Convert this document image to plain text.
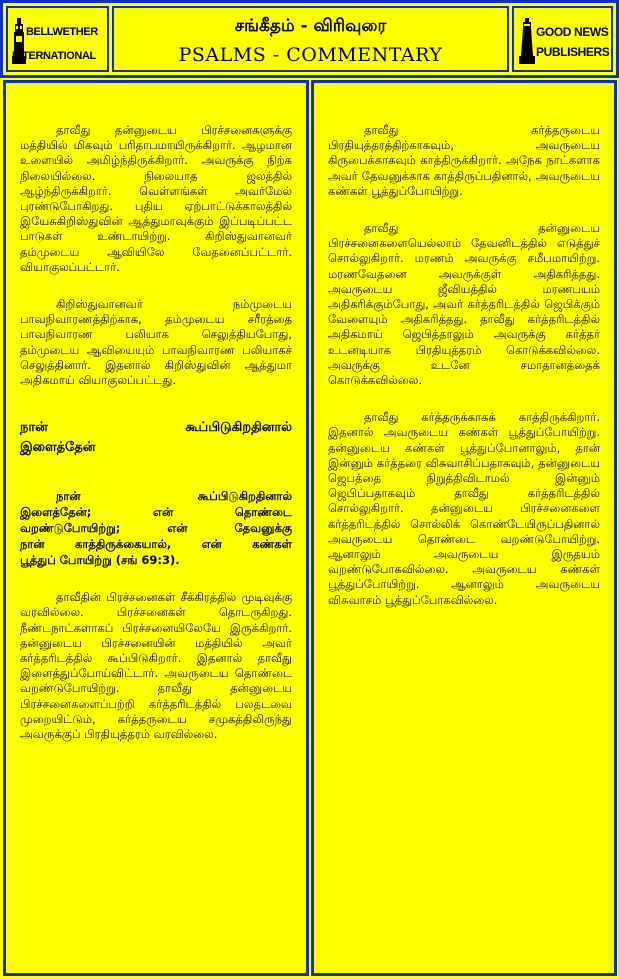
BELLWETHER
INTERNATIONAL
சங்கீதம் - விரிவுரை
PSALMS - COMMENTARY
GOOD NEWS
PUBLISHERS

தாவீது தன்னுடைய பிரச்சனைகளுக்கு மத்தியில் மிகவும் பரிதாபமாயிருக்கிறார். ஆழமான உளையில் அமிழ்ந்திருக்கிறார். அவருக்கு நிற்க நிலையில்லை. நிலையாத ஜலத்தில் ஆழ்ந்திருக்கிறார். வெள்ளங்கள் அவர்மேல் புரண்டுபோகிறது. புதிய ஏற்பாட்டுக்காலத்தில் இயேசுகிறிஸ்துவின் ஆத்துமாவுக்கும் இப்படிப்பட்ட பாடுகள் உண்டாயிற்று. கிறிஸ்துவானவர் தம்முடைய ஆவியிலே வேதனைப்பட்டார். வியாகுலப்பட்டார்.

கிறிஸ்துவானவர் நம்முடைய பாவநிவாரணத்திற்காக, தம்முடைய சரீரத்தை பாவநிவாரண பலியாக செலுத்தியபோது, தம்முடைய ஆவியையும் பாவநிவாரண பலியாகச் செலுத்தினார். இதனால் கிறிஸ்துவின் ஆத்துமா அதிகமாய் வியாகுலப்பட்டது.

நான் கூப்பிடுகிறதினால்
இளைத்தேன்
நான் கூப்பிடுகிறதினால்
இளைத்தேன்; என் தொண்டை
வறண்டுபோயிற்று; என் தேவனுக்கு
நான் காத்திருக்கையால், என் கண்கள்
பூத்துப் போயிற்று (சங் 69:3).

தாவீதின் பிரச்சனைகள் சீக்கிரத்தில் முடிவுக்கு வரவில்லை. பிரச்சனைகள் தொடருகிறது. நீண்டநாட்களாகப் பிரச்சனையிலேயே இருக்கிறார். தன்னுடைய பிரச்சனையின் மத்தியில் அவர் கர்த்தரிடத்தில் கூப்பிடுகிறார். இதனால் தாவீது இளைத்துப்போய்விட்டார். அவருடைய தொண்டை வறண்டுபோயிற்று. தாவீது தன்னுடைய பிரச்சனைகளைப்பற்றி கர்த்தரிடத்தில் பலதடவை முறையிட்டும், கர்த்தருடைய சமுகத்திலிருந்து அவருக்குப் பிரதியுத்தரம் வரவில்லை.

தாவீது கர்த்தருடைய பிரதியுத்தரத்திற்காகவும், அவருடைய கிருபைக்காகவும் காத்திருக்கிறார். அநேக நாட்களாக அவர் தேவனுக்காக காத்திருப்பதினால், அவருடைய கண்கள் பூத்துப்போயிற்று.

தாவீது தன்னுடைய பிரச்சனைகளையெல்லாம் தேவனிடத்தில் எடுத்துச் சொல்லுகிறார். மரணம் அவருக்கு சமீபமாயிற்று. மரணவேதனை அவருக்குள் அதிகரித்தது. அவருடைய ஜீவியத்தில் மரணபயம் அதிகரிக்கும்போது, அவர் கர்த்தரிடத்தில் ஜெபிக்கும் வேளையும் அதிகரித்தது. தாவீது கர்த்தரிடத்தில் அதிகமாய் ஜெபித்தாலும் அவருக்கு கர்த்தர் உடனடியாக பிரதியுத்தரம் கொடுக்கவில்லை. அவருக்கு உடனே சமாதானத்தைக் கொடுக்கவில்லை.

தாவீது கர்த்தருக்காகக் காத்திருக்கிறார். இதனால் அவருடைய கண்கள் பூத்துப்போயிற்று. தன்னுடைய கண்கள் பூத்துப்போனாலும், தான் இன்னும் கர்த்தரை விசுவாசிப்பதாகவும், தன்னுடைய ஜெபத்தை நிறுத்திவிடாமல் இன்னும் ஜெபிப்பதாகவும் தாவீது கர்த்தரிடத்தில் சொல்லுகிறார். தன்னுடைய பிரச்சனைகளை கர்த்தரிடத்தில் சொல்லிக் கொண்டேயிருப்பதினால் அவருடைய தொண்டை வறண்டுபோயிற்று. ஆனாலும் அவருடைய இருதயம் வறண்டுபோகவில்லை. அவருடைய கண்கள் பூத்துப்போயிற்று. ஆனாலும் அவருடைய விசுவாசம் பூத்துப்போகவில்லை.
